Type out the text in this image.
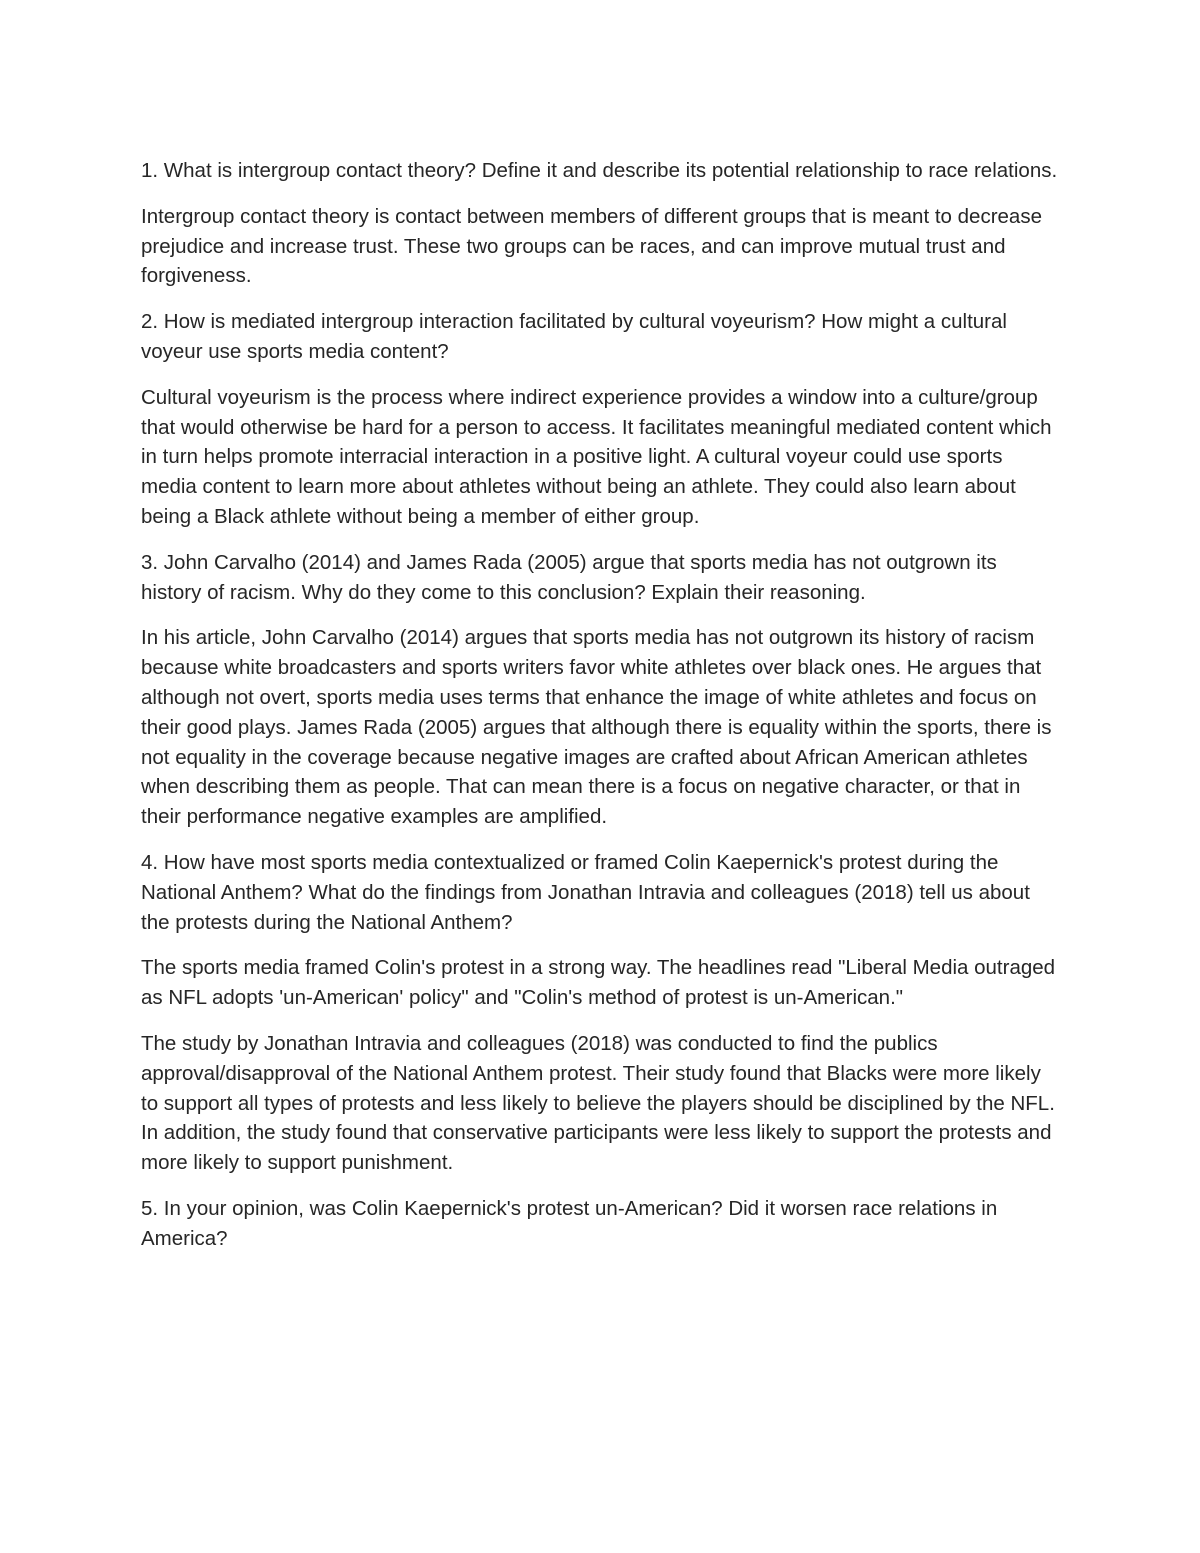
1. What is intergroup contact theory? Define it and describe its potential relationship to race relations.

Intergroup contact theory is contact between members of different groups that is meant to decrease prejudice and increase trust. These two groups can be races, and can improve mutual trust and forgiveness.

2. How is mediated intergroup interaction facilitated by cultural voyeurism? How might a cultural voyeur use sports media content?

Cultural voyeurism is the process where indirect experience provides a window into a culture/group that would otherwise be hard for a person to access. It facilitates meaningful mediated content which in turn helps promote interracial interaction in a positive light. A cultural voyeur could use sports media content to learn more about athletes without being an athlete. They could also learn about being a Black athlete without being a member of either group.

3. John Carvalho (2014) and James Rada (2005) argue that sports media has not outgrown its history of racism. Why do they come to this conclusion? Explain their reasoning.

In his article, John Carvalho (2014) argues that sports media has not outgrown its history of racism because white broadcasters and sports writers favor white athletes over black ones. He argues that although not overt, sports media uses terms that enhance the image of white athletes and focus on their good plays. James Rada (2005) argues that although there is equality within the sports, there is not equality in the coverage because negative images are crafted about African American athletes when describing them as people. That can mean there is a focus on negative character, or that in their performance negative examples are amplified.

4. How have most sports media contextualized or framed Colin Kaepernick's protest during the National Anthem? What do the findings from Jonathan Intravia and colleagues (2018) tell us about the protests during the National Anthem?

The sports media framed Colin's protest in a strong way. The headlines read "Liberal Media outraged as NFL adopts 'un-American' policy" and "Colin's method of protest is un-American."

The study by Jonathan Intravia and colleagues (2018) was conducted to find the publics approval/disapproval of the National Anthem protest. Their study found that Blacks were more likely to support all types of protests and less likely to believe the players should be disciplined by the NFL. In addition, the study found that conservative participants were less likely to support the protests and more likely to support punishment.

5. In your opinion, was Colin Kaepernick's protest un-American? Did it worsen race relations in America?
